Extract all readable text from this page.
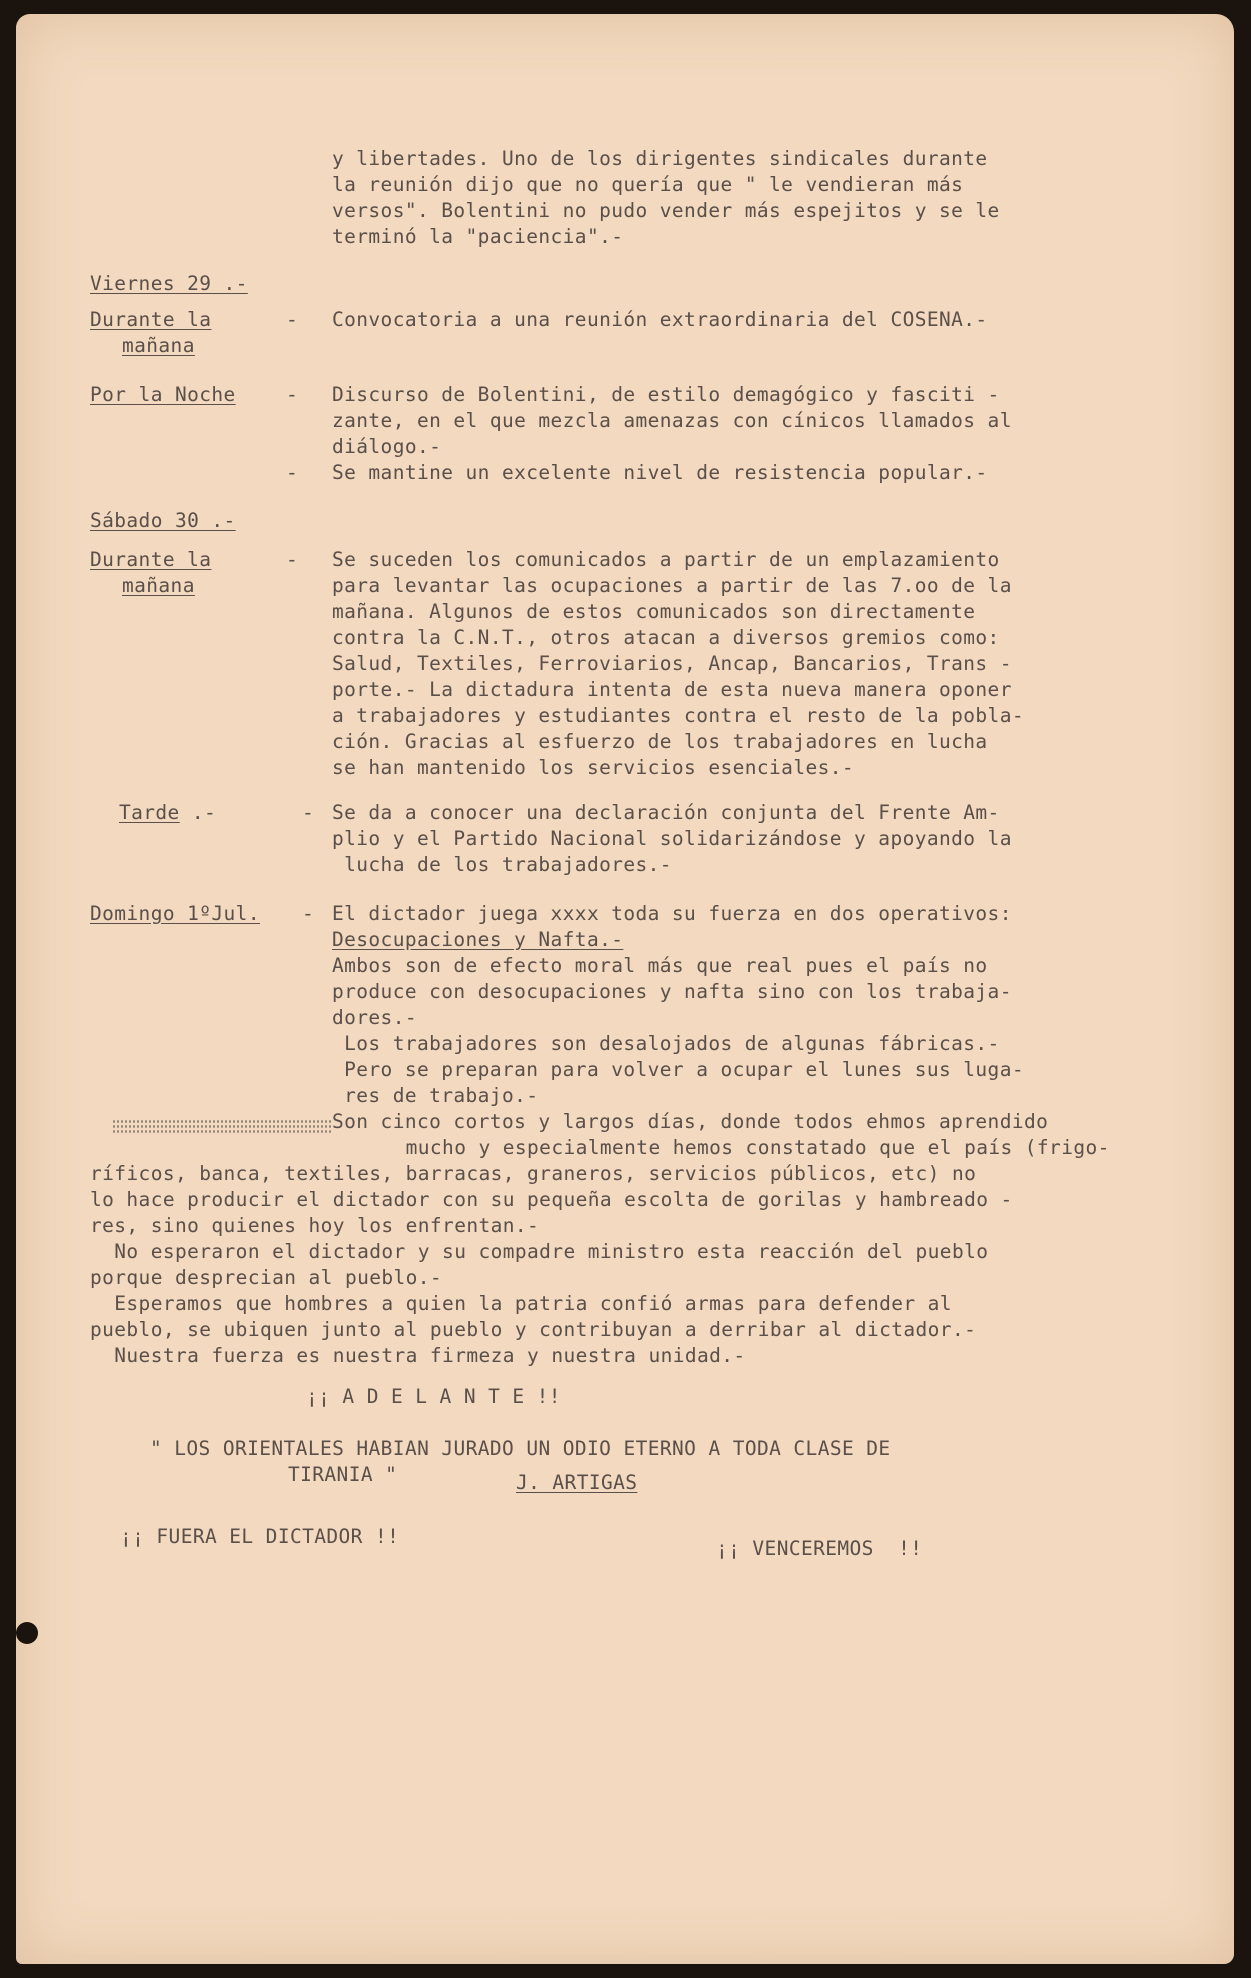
y libertades. Uno de los dirigentes sindicales durante
la reunión dijo que no quería que " le vendieran más
versos". Bolentini no pudo vender más espejitos y se le
terminó la "paciencia".-
Viernes 29 .-
Durante la
mañana
- Convocatoria a una reunión extraordinaria del COSENA.-
Por la Noche	- Discurso de Bolentini, de estilo demagógico y fasciti -
zante, en el que mezcla amenazas con cínicos llamados al
diálogo.-
- Se mantine un excelente nivel de resistencia popular.-
Sábado 30 .-
Durante la
mañana
- Se suceden los comunicados a partir de un emplazamiento
para levantar las ocupaciones a partir de las 7.oo de la
mañana. Algunos de estos comunicados son directamente
contra la C.N.T., otros atacan a diversos gremios como:
Salud, Textiles, Ferroviarios, Ancap, Bancarios, Trans -
porte.- La dictadura intenta de esta nueva manera oponer
a trabajadores y estudiantes contra el resto de la pobla-
ción. Gracias al esfuerzo de los trabajadores en lucha
se han mantenido los servicios esenciales.-
Tarde .-	- Se da a conocer una declaración conjunta del Frente Am-
plio y el Partido Nacional solidarizándose y apoyando la
lucha de los trabajadores.-
Domingo 1ºJul. - El dictador juega xxxx toda su fuerza en dos operativos:
Desocupaciones y Nafta.-
Ambos son de efecto moral más que real pues el país no
produce con desocupaciones y nafta sino con los trabaja-
dores.-
Los trabajadores son desalojados de algunas fábricas.-
Pero se preparan para volver a ocupar el lunes sus luga-
res de trabajo.-
Son cinco cortos y largos días, donde todos ehmos aprendido
mucho y especialmente hemos constatado que el país (frigo-
ríficos, banca, textiles, barracas, graneros, servicios públicos, etc) no
lo hace producir el dictador con su pequeña escolta de gorilas y hambreado -
res, sino quienes hoy los enfrentan.-
No esperaron el dictador y su compadre ministro esta reacción del pueblo
porque desprecian al pueblo.-
Esperamos que hombres a quien la patria confió armas para defender al
pueblo, se ubiquen junto al pueblo y contribuyan a derribar al dictador.-
Nuestra fuerza es nuestra firmeza y nuestra unidad.-
¡¡ A D E L A N T E !!
" LOS ORIENTALES HABIAN JURADO UN ODIO ETERNO A TODA CLASE DE
TIRANIA "	J. ARTIGAS
¡¡ FUERA EL DICTADOR !!
¡¡ VENCEREMOS  !!
